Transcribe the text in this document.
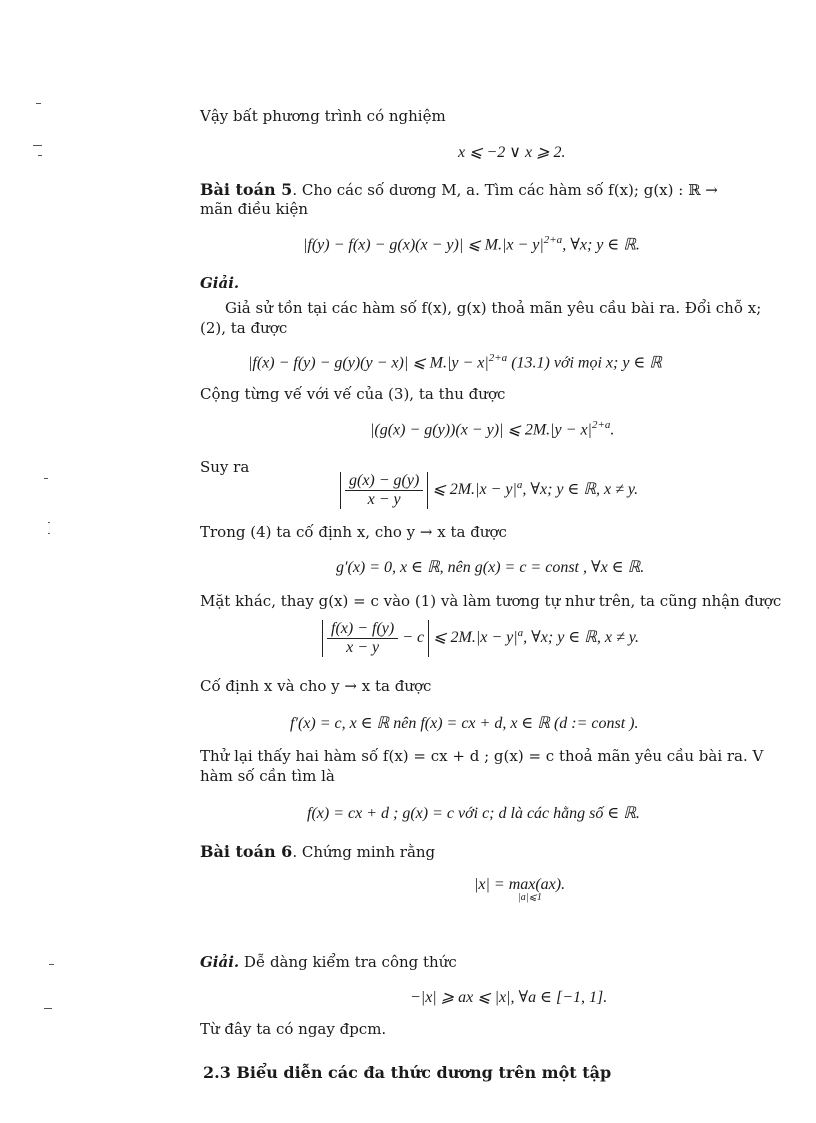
Vậy bất phương trình có nghiệm
x ⩽ −2 ∨ x ⩾ 2.
Bài toán 5. Cho các số dương M, a. Tìm các hàm số f(x); g(x) : ℝ →
mãn điều kiện
|f(y) − f(x) − g(x)(x − y)| ⩽ $M.|x - y|^{2+a}$, ∀x; y ∈ ℝ.
Giải.
Giả sử tồn tại các hàm số f(x), g(x) thoả mãn yêu cầu bài ra. Đổi chỗ x;
(2), ta được
|f(x) − f(y) − g(y)(y − x)| ⩽ $M.|y - x|^{2+a}$ (13.1) với mọi x; y ∈ ℝ
Cộng từng vế với vế của (3), ta thu được
|(g(x) − g(y))(x − y)| ⩽ $2M.|y - x|^{2+a}$.
Suy ra
$\frac{g(x) - g(y)}{x - y}$ ⩽ $2M.|x - y|^a$, ∀x; y ∈ ℝ, x ≠ y.
Trong (4) ta cố định x, cho y → x ta được
g′(x) = 0, x ∈ ℝ, nên g(x) = c = const , ∀x ∈ ℝ.
Mặt khác, thay g(x) = c vào (1) và làm tương tự như trên, ta cũng nhận được
$\frac{f(x) - f(y)}{x - y} - c$ ⩽ $2M.|x - y|^a$, ∀x; y ∈ ℝ, x ≠ y.
Cố định x và cho y → x ta được
f′(x) = c, x ∈ ℝ nên f(x) = cx + d, x ∈ ℝ (d := const ).
Thử lại thấy hai hàm số f(x) = cx + d ; g(x) = c thoả mãn yêu cầu bài ra. V
hàm số cần tìm là
f(x) = cx + d ; g(x) = c với c; d là các hằng số ∈ ℝ.
Bài toán 6. Chứng minh rằng
|x| = max(ax).
|a|⩽1
Giải. Dễ dàng kiểm tra công thức
−|x| ⩾ ax ⩽ |x|, ∀a ∈ [−1, 1].
Từ đây ta có ngay đpcm.
2.3 Biểu diễn các đa thức dương trên một tập
